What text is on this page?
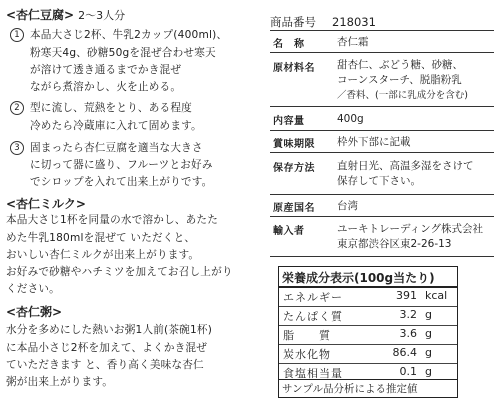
<杏仁豆腐> 2～3人分
1 本品大さじ2杯、牛乳2カップ(400ml)、
粉寒天4g、砂糖50gを混ぜ合わせ寒天
が溶けて透き通るまでかき混ぜ
ながら煮溶かし、火を止める。
2 型に流し、荒熱をとり、ある程度
冷めたら冷蔵庫に入れて固めます。
3 固まったら杏仁豆腐を適当な大きさ
に切って器に盛り、フルーツとお好み
でシロップを入れて出来上がりです。
<杏仁ミルク>
本品大さじ1杯を同量の水で溶かし、あたた
めた牛乳180mlを混ぜて いただくと、
おいしい杏仁ミルクが出来上がります。
お好みで砂糖やハチミツを加えてお召し上がり
ください。
<杏仁粥>
水分を多めにした熱いお粥1人前(茶碗1杯)
に本品小さじ2杯を加えて、よくかき混ぜ
ていただきます と、香り高く美味な杏仁
粥が出来上がります。
商品番号 218031
名　称	杏仁霜

原材料名	甜杏仁、ぶどう糖、砂糖、
コーンスターチ、脱脂粉乳
／香料、(一部に乳成分を含む)

内容量	400g

賞味期限	枠外下部に記載

保存方法	直射日光、高温多湿をさけて
保存して下さい。

原産国名	台湾

輸入者	ユーキトレーディング株式会社
東京都渋谷区東2-26-13
栄養成分表示(100g当たり)
エネルギー	391 kcal
たんぱく質	3.2 g
脂　　質	3.6 g
炭水化物	86.4 g
食塩相当量	0.1 g
サンプル品分析による推定値
